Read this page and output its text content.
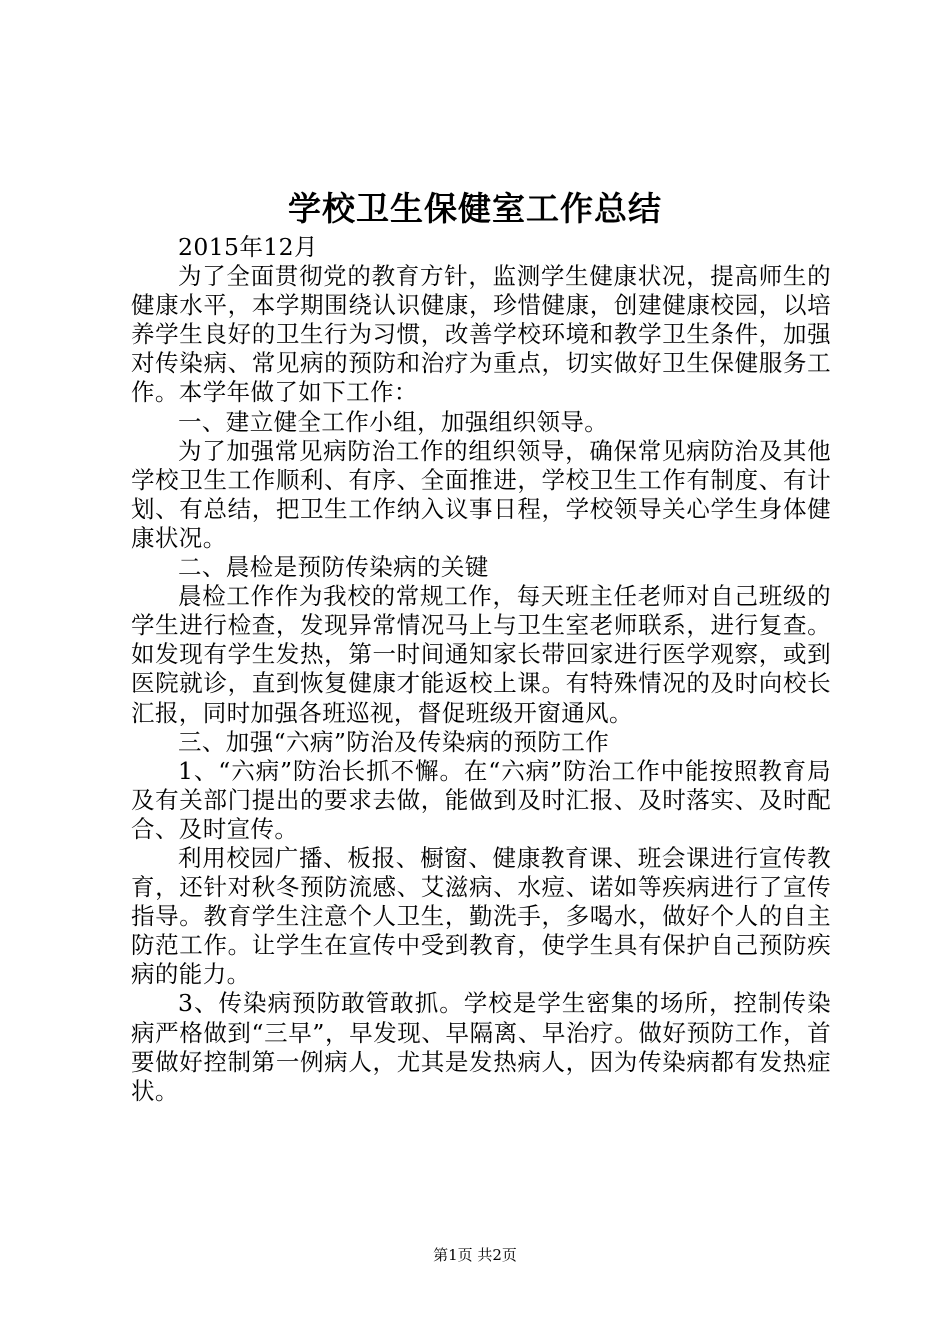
学校卫生保健室工作总结

2015年12月

为了全面贯彻党的教育方针，监测学生健康状况，提高师生的健康水平，本学期围绕认识健康，珍惜健康，创建健康校园，以培养学生良好的卫生行为习惯，改善学校环境和教学卫生条件，加强对传染病、常见病的预防和治疗为重点，切实做好卫生保健服务工作。本学年做了如下工作：

一、建立健全工作小组，加强组织领导。

为了加强常见病防治工作的组织领导，确保常见病防治及其他学校卫生工作顺利、有序、全面推进，学校卫生工作有制度、有计划、有总结，把卫生工作纳入议事日程，学校领导关心学生身体健康状况。

二、晨检是预防传染病的关键

晨检工作作为我校的常规工作，每天班主任老师对自己班级的学生进行检查，发现异常情况马上与卫生室老师联系，进行复查。如发现有学生发热，第一时间通知家长带回家进行医学观察，或到医院就诊，直到恢复健康才能返校上课。有特殊情况的及时向校长汇报，同时加强各班巡视，督促班级开窗通风。

三、加强“六病”防治及传染病的预防工作

1、“六病”防治长抓不懈。在“六病”防治工作中能按照教育局及有关部门提出的要求去做，能做到及时汇报、及时落实、及时配合、及时宣传。

利用校园广播、板报、橱窗、健康教育课、班会课进行宣传教育，还针对秋冬预防流感、艾滋病、水痘、诺如等疾病进行了宣传指导。教育学生注意个人卫生，勤洗手，多喝水，做好个人的自主防范工作。让学生在宣传中受到教育，使学生具有保护自己预防疾病的能力。

3、传染病预防敢管敢抓。学校是学生密集的场所，控制传染病严格做到“三早”，早发现、早隔离、早治疗。做好预防工作，首要做好控制第一例病人，尤其是发热病人，因为传染病都有发热症状。

第1页 共2页
